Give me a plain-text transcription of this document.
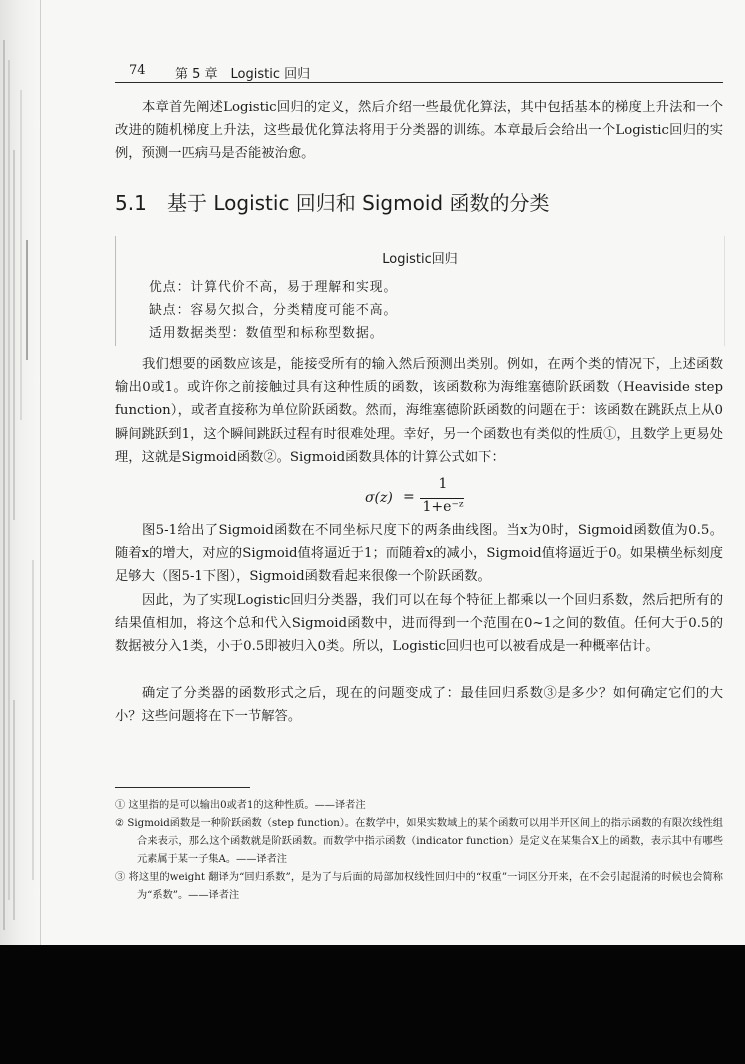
74 第 5 章　Logistic 回归

本章首先阐述Logistic回归的定义，然后介绍一些最优化算法，其中包括基本的梯度上升法和一个改进的随机梯度上升法，这些最优化算法将用于分类器的训练。本章最后会给出一个Logistic回归的实例，预测一匹病马是否能被治愈。

5.1 基于 Logistic 回归和 Sigmoid 函数的分类
Logistic回归
优点：计算代价不高，易于理解和实现。
缺点：容易欠拟合，分类精度可能不高。
适用数据类型：数值型和标称型数据。

我们想要的函数应该是，能接受所有的输入然后预测出类别。例如，在两个类的情况下，上述函数输出0或1。或许你之前接触过具有这种性质的函数，该函数称为海维塞德阶跃函数（Heaviside step function），或者直接称为单位阶跃函数。然而，海维塞德阶跃函数的问题在于：该函数在跳跃点上从0瞬间跳跃到1，这个瞬间跳跃过程有时很难处理。幸好，另一个函数也有类似的性质①，且数学上更易处理，这就是Sigmoid函数②。Sigmoid函数具体的计算公式如下：

σ(z) =
1
1+e⁻ᶻ

图5-1给出了Sigmoid函数在不同坐标尺度下的两条曲线图。当x为0时，Sigmoid函数值为0.5。随着x的增大，对应的Sigmoid值将逼近于1；而随着x的减小，Sigmoid值将逼近于0。如果横坐标刻度足够大（图5-1下图），Sigmoid函数看起来很像一个阶跃函数。

因此，为了实现Logistic回归分类器，我们可以在每个特征上都乘以一个回归系数，然后把所有的结果值相加，将这个总和代入Sigmoid函数中，进而得到一个范围在0~1之间的数值。任何大于0.5的数据被分入1类，小于0.5即被归入0类。所以，Logistic回归也可以被看成是一种概率估计。

确定了分类器的函数形式之后，现在的问题变成了：最佳回归系数③是多少？如何确定它们的大小？这些问题将在下一节解答。

① 这里指的是可以输出0或者1的这种性质。——译者注

② Sigmoid函数是一种阶跃函数（step function）。在数学中，如果实数域上的某个函数可以用半开区间上的指示函数的有限次线性组合来表示，那么这个函数就是阶跃函数。而数学中指示函数（indicator function）是定义在某集合X上的函数，表示其中有哪些元素属于某一子集A。——译者注

③ 将这里的weight 翻译为“回归系数”，是为了与后面的局部加权线性回归中的“权重”一词区分开来，在不会引起混淆的时候也会简称为“系数”。——译者注
